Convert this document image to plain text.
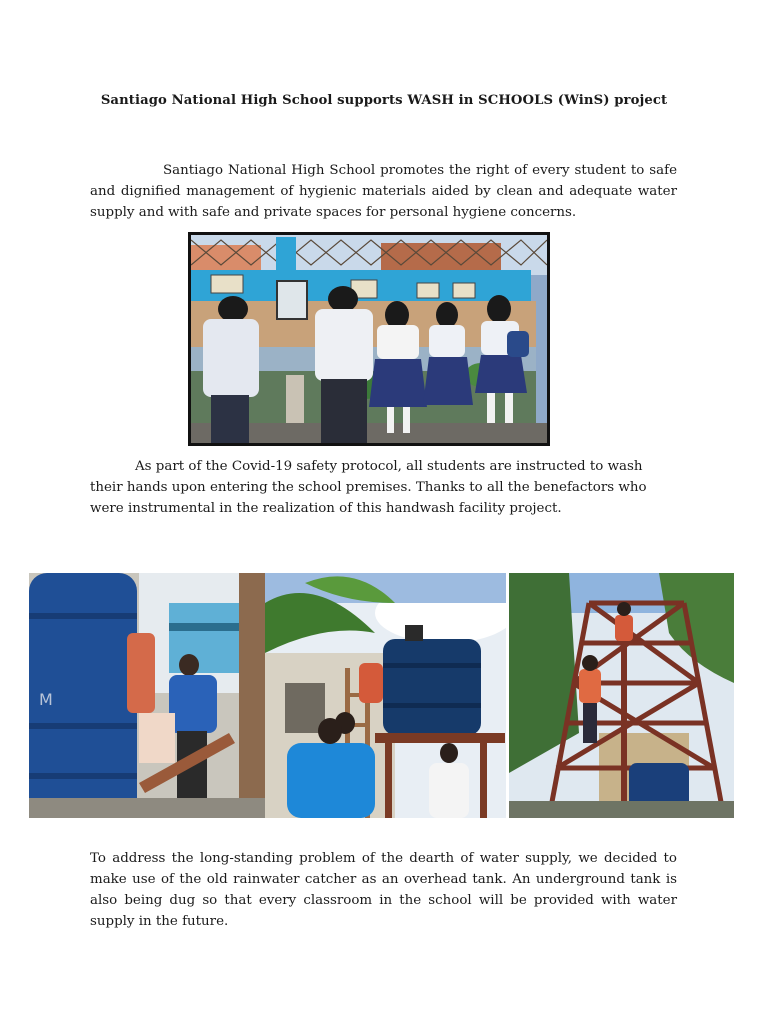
Santiago National High School supports WASH in SCHOOLS (WinS) project

Santiago National High School promotes the right of every student to safe and dignified management of hygienic materials aided by clean and adequate water supply and with safe and private spaces for personal hygiene concerns.

As part of the Covid-19 safety protocol, all students are instructed to wash their hands upon entering the school premises. Thanks to all the benefactors who were instrumental in the realization of this handwash facility project.

M

To address the long-standing problem of the dearth of water supply, we decided to make use of the old rainwater catcher as an overhead tank. An underground tank is also being dug so that every classroom in the school will be provided with water supply in the future.
